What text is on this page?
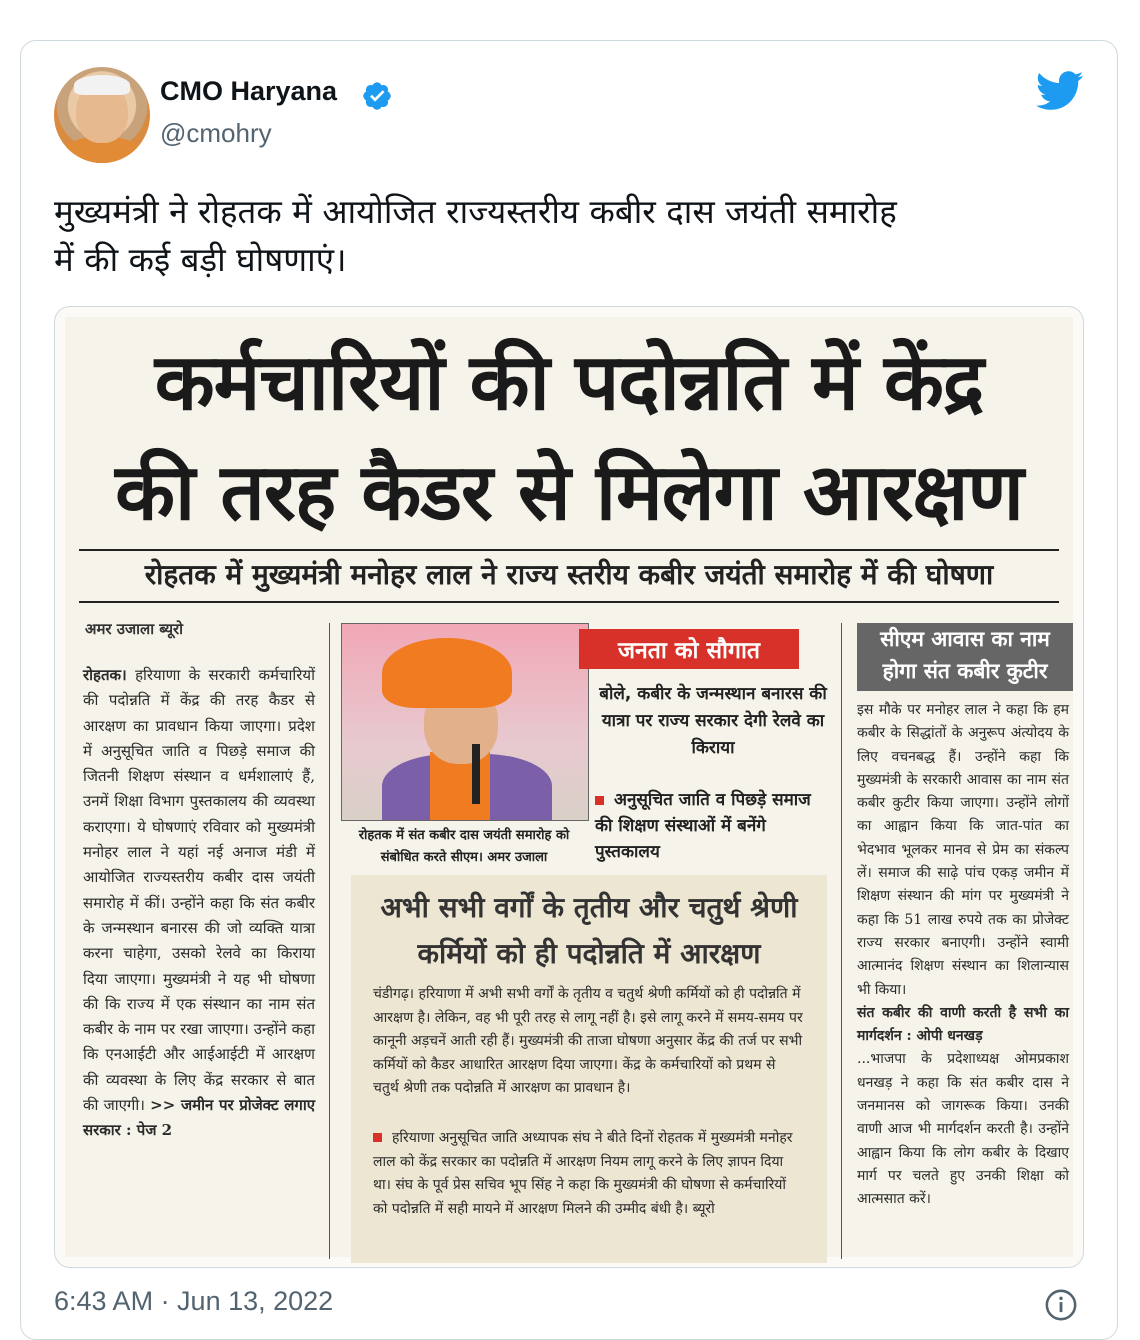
CMO Haryana
@cmohry
मुख्यमंत्री ने रोहतक में आयोजित राज्यस्तरीय कबीर दास जयंती समारोह
में की कई बड़ी घोषणाएं।
कर्मचारियों की पदोन्नति में केंद्र
की तरह कैडर से मिलेगा आरक्षण
रोहतक में मुख्यमंत्री मनोहर लाल ने राज्य स्तरीय कबीर जयंती समारोह में की घोषणा
अमर उजाला ब्यूरो
रोहतक। हरियाणा के सरकारी कर्मचारियों की पदोन्नति में केंद्र की तरह कैडर से आरक्षण का प्रावधान किया जाएगा। प्रदेश में अनुसूचित जाति व पिछड़े समाज की जितनी शिक्षण संस्थान व धर्मशालाएं हैं, उनमें शिक्षा विभाग पुस्तकालय की व्यवस्था कराएगा। ये घोषणाएं रविवार को मुख्यमंत्री मनोहर लाल ने यहां नई अनाज मंडी में आयोजित राज्यस्तरीय कबीर दास जयंती समारोह में कीं। उन्होंने कहा कि संत कबीर के जन्मस्थान बनारस की जो व्यक्ति यात्रा करना चाहेगा, उसको रेलवे का किराया दिया जाएगा। मुख्यमंत्री ने यह भी घोषणा की कि राज्य में एक संस्थान का नाम संत कबीर के नाम पर रखा जाएगा। उन्होंने कहा कि एनआईटी और आईआईटी में आरक्षण की व्यवस्था के लिए केंद्र सरकार से बात की जाएगी। >> जमीन पर प्रोजेक्ट लगाए सरकार : पेज 2
रोहतक में संत कबीर दास जयंती समारोह को संबोधित करते सीएम। अमर उजाला
जनता को सौगात
बोले, कबीर के जन्मस्थान बनारस की यात्रा पर राज्य सरकार देगी रेलवे का किराया
अनुसूचित जाति व पिछड़े समाज की शिक्षण संस्थाओं में बनेंगे पुस्तकालय
अभी सभी वर्गों के तृतीय और चतुर्थ श्रेणी
कर्मियों को ही पदोन्नति में आरक्षण
चंडीगढ़। हरियाणा में अभी सभी वर्गों के तृतीय व चतुर्थ श्रेणी कर्मियों को ही पदोन्नति में आरक्षण है। लेकिन, वह भी पूरी तरह से लागू नहीं है। इसे लागू करने में समय-समय पर कानूनी अड़चनें आती रही हैं। मुख्यमंत्री की ताजा घोषणा अनुसार केंद्र की तर्ज पर सभी कर्मियों को कैडर आधारित आरक्षण दिया जाएगा। केंद्र के कर्मचारियों को प्रथम से चतुर्थ श्रेणी तक पदोन्नति में आरक्षण का प्रावधान है।
हरियाणा अनुसूचित जाति अध्यापक संघ ने बीते दिनों रोहतक में मुख्यमंत्री मनोहर लाल को केंद्र सरकार का पदोन्नति में आरक्षण नियम लागू करने के लिए ज्ञापन दिया था। संघ के पूर्व प्रेस सचिव भूप सिंह ने कहा कि मुख्यमंत्री की घोषणा से कर्मचारियों को पदोन्नति में सही मायने में आरक्षण मिलने की उम्मीद बंधी है। ब्यूरो
सीएम आवास का नाम
होगा संत कबीर कुटीर
इस मौके पर मनोहर लाल ने कहा कि हम कबीर के सिद्धांतों के अनुरूप अंत्योदय के लिए वचनबद्ध हैं। उन्होंने कहा कि मुख्यमंत्री के सरकारी आवास का नाम संत कबीर कुटीर किया जाएगा। उन्होंने लोगों का आह्वान किया कि जात-पांत का भेदभाव भूलकर मानव से प्रेम का संकल्प लें। समाज की साढ़े पांच एकड़ जमीन में शिक्षण संस्थान की मांग पर मुख्यमंत्री ने कहा कि 51 लाख रुपये तक का प्रोजेक्ट राज्य सरकार बनाएगी। उन्होंने स्वामी आत्मानंद शिक्षण संस्थान का शिलान्यास भी किया।
संत कबीर की वाणी करती है सभी का मार्गदर्शन : ओपी धनखड़
...भाजपा के प्रदेशाध्यक्ष ओमप्रकाश धनखड़ ने कहा कि संत कबीर दास ने जनमानस को जागरूक किया। उनकी वाणी आज भी मार्गदर्शन करती है। उन्होंने आह्वान किया कि लोग कबीर के दिखाए मार्ग पर चलते हुए उनकी शिक्षा को आत्मसात करें।
6:43 AM · Jun 13, 2022
